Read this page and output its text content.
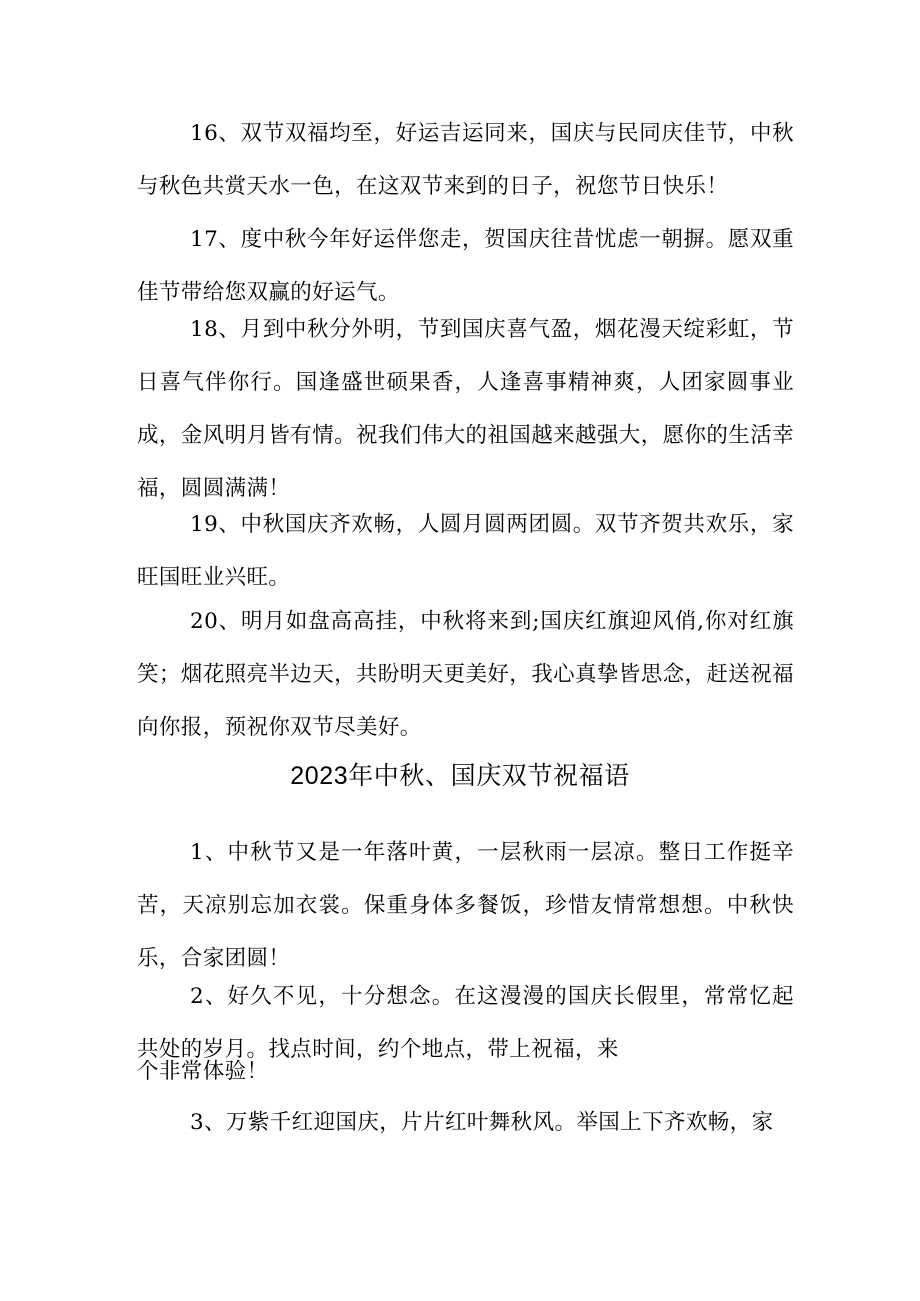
16、双节双福均至，好运吉运同来，国庆与民同庆佳节，中秋与秋色共赏天水一色，在这双节来到的日子，祝您节日快乐！

17、度中秋今年好运伴您走，贺国庆往昔忧虑一朝摒。愿双重佳节带给您双赢的好运气。

18、月到中秋分外明，节到国庆喜气盈，烟花漫天绽彩虹，节日喜气伴你行。国逢盛世硕果香，人逢喜事精神爽，人团家圆事业成，金风明月皆有情。祝我们伟大的祖国越来越强大，愿你的生活幸福，圆圆满满！

19、中秋国庆齐欢畅，人圆月圆两团圆。双节齐贺共欢乐，家旺国旺业兴旺。

20、明月如盘高高挂，中秋将来到;国庆红旗迎风俏,你对红旗笑；烟花照亮半边天，共盼明天更美好，我心真挚皆思念，赶送祝福向你报，预祝你双节尽美好。

2023年中秋、国庆双节祝福语

1、中秋节又是一年落叶黄，一层秋雨一层凉。整日工作挺辛苦，天凉别忘加衣裳。保重身体多餐饭，珍惜友情常想想。中秋快乐，合家团圆！

2、好久不见，十分想念。在这漫漫的国庆长假里，常常忆起共处的岁月。找点时间，约个地点，带上祝福，来

个非常体验！

3、万紫千红迎国庆，片片红叶舞秋风。举国上下齐欢畅，家
